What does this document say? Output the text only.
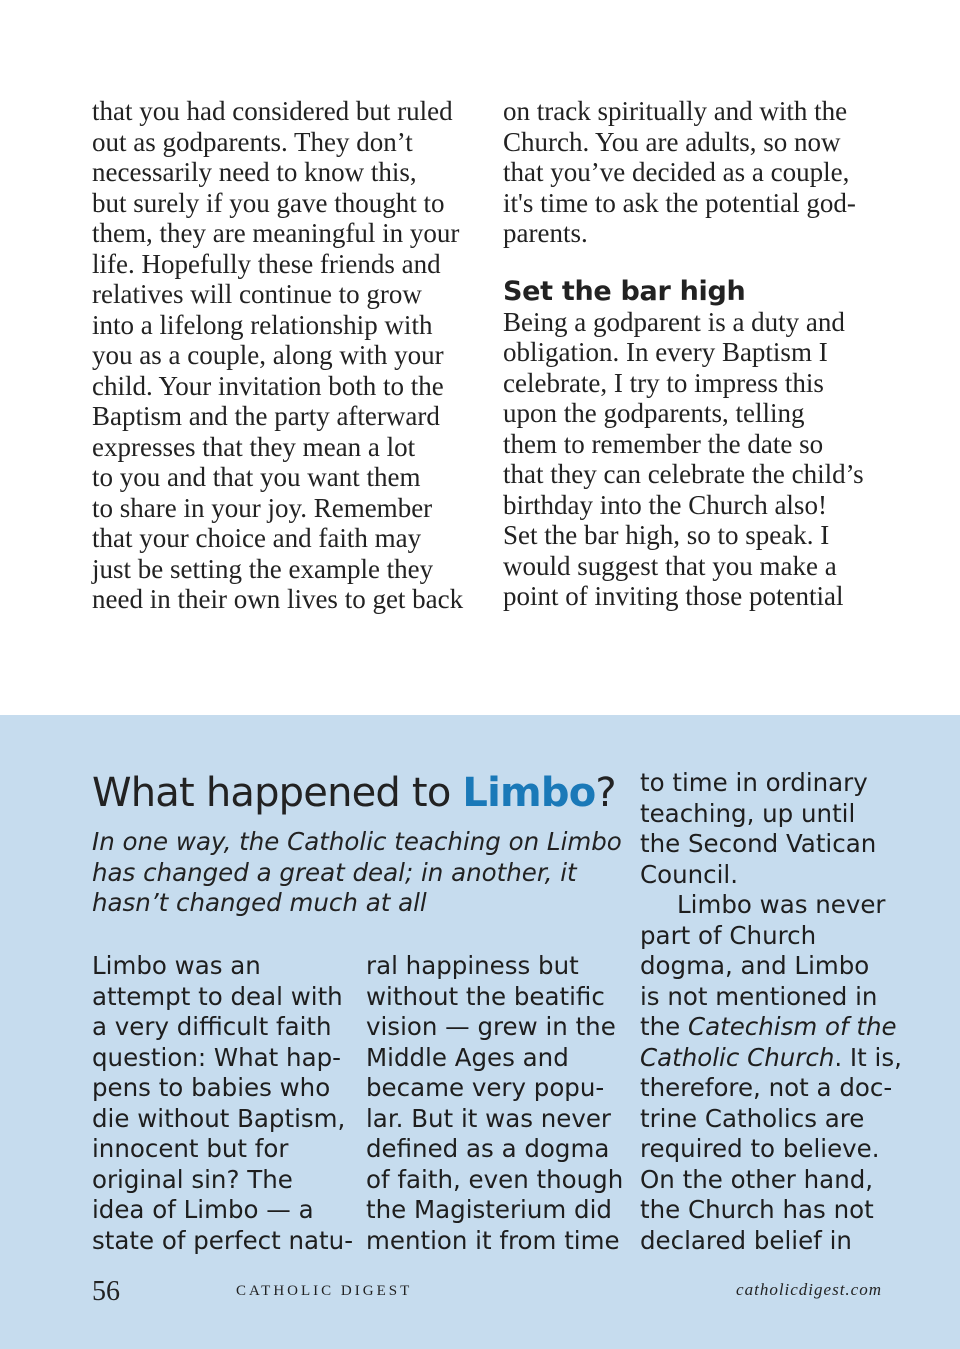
that you had considered but ruled
out as godparents. They don’t
necessarily need to know this,
but surely if you gave thought to
them, they are meaningful in your
life. Hopefully these friends and
relatives will continue to grow
into a lifelong relationship with
you as a couple, along with your
child. Your invitation both to the
Baptism and the party afterward
expresses that they mean a lot
to you and that you want them
to share in your joy. Remember
that your choice and faith may
just be setting the example they
need in their own lives to get back
on track spiritually and with the
Church. You are adults, so now
that you’ve decided as a couple,
it's time to ask the potential god-
parents.
Set the bar high
Being a godparent is a duty and
obligation. In every Baptism I
celebrate, I try to impress this
upon the godparents, telling
them to remember the date so
that they can celebrate the child’s
birthday into the Church also!
Set the bar high, so to speak. I
would suggest that you make a
point of inviting those potential
What happened to Limbo?
In one way, the Catholic teaching on Limbo
has changed a great deal; in another, it
hasn’t changed much at all
Limbo was an
attempt to deal with
a very difficult faith
question: What hap-
pens to babies who
die without Baptism,
innocent but for
original sin? The
idea of Limbo — a
state of perfect natu-
ral happiness but
without the beatific
vision — grew in the
Middle Ages and
became very popu-
lar. But it was never
defined as a dogma
of faith, even though
the Magisterium did
mention it from time
to time in ordinary
teaching, up until
the Second Vatican
Council.
Limbo was never
part of Church
dogma, and Limbo
is not mentioned in
the Catechism of the
Catholic Church. It is,
therefore, not a doc-
trine Catholics are
required to believe.
On the other hand,
the Church has not
declared belief in
56	CATHOLIC DIGEST	catholicdigest.com
